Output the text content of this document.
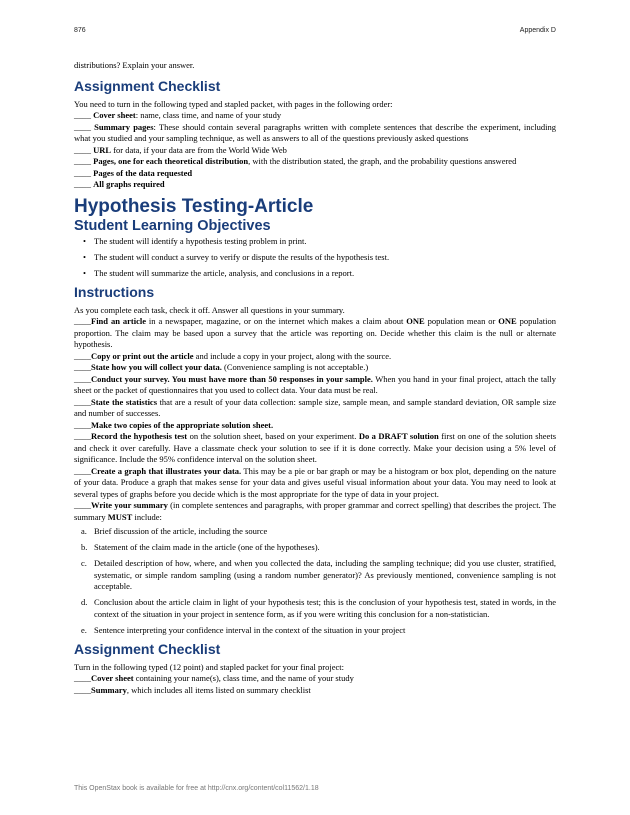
876	Appendix D

distributions? Explain your answer.

Assignment Checklist

You need to turn in the following typed and stapled packet, with pages in the following order:

____ Cover sheet: name, class time, and name of your study

____ Summary pages: These should contain several paragraphs written with complete sentences that describe the experiment, including what you studied and your sampling technique, as well as answers to all of the questions previously asked questions

____ URL for data, if your data are from the World Wide Web

____ Pages, one for each theoretical distribution, with the distribution stated, the graph, and the probability questions answered

____ Pages of the data requested

____ All graphs required

Hypothesis Testing-Article
Student Learning Objectives
• The student will identify a hypothesis testing problem in print.
• The student will conduct a survey to verify or dispute the results of the hypothesis test.
• The student will summarize the article, analysis, and conclusions in a report.
Instructions

As you complete each task, check it off. Answer all questions in your summary.

____Find an article in a newspaper, magazine, or on the internet which makes a claim about ONE population mean or ONE population proportion. The claim may be based upon a survey that the article was reporting on. Decide whether this claim is the null or alternate hypothesis.

____Copy or print out the article and include a copy in your project, along with the source.

____State how you will collect your data. (Convenience sampling is not acceptable.)

____Conduct your survey. You must have more than 50 responses in your sample. When you hand in your final project, attach the tally sheet or the packet of questionnaires that you used to collect data. Your data must be real.

____State the statistics that are a result of your data collection: sample size, sample mean, and sample standard deviation, OR sample size and number of successes.

____Make two copies of the appropriate solution sheet.

____Record the hypothesis test on the solution sheet, based on your experiment. Do a DRAFT solution first on one of the solution sheets and check it over carefully. Have a classmate check your solution to see if it is done correctly. Make your decision using a 5% level of significance. Include the 95% confidence interval on the solution sheet.

____Create a graph that illustrates your data. This may be a pie or bar graph or may be a histogram or box plot, depending on the nature of your data. Produce a graph that makes sense for your data and gives useful visual information about your data. You may need to look at several types of graphs before you decide which is the most appropriate for the type of data in your project.

____Write your summary (in complete sentences and paragraphs, with proper grammar and correct spelling) that describes the project. The summary MUST include:

a. Brief discussion of the article, including the source
b. Statement of the claim made in the article (one of the hypotheses).
c. Detailed description of how, where, and when you collected the data, including the sampling technique; did you use cluster, stratified, systematic, or simple random sampling (using a random number generator)? As previously mentioned, convenience sampling is not acceptable.
d. Conclusion about the article claim in light of your hypothesis test; this is the conclusion of your hypothesis test, stated in words, in the context of the situation in your project in sentence form, as if you were writing this conclusion for a non-statistician.
e. Sentence interpreting your confidence interval in the context of the situation in your project
Assignment Checklist

Turn in the following typed (12 point) and stapled packet for your final project:

____Cover sheet containing your name(s), class time, and the name of your study

____Summary, which includes all items listed on summary checklist

This OpenStax book is available for free at http://cnx.org/content/col11562/1.18
